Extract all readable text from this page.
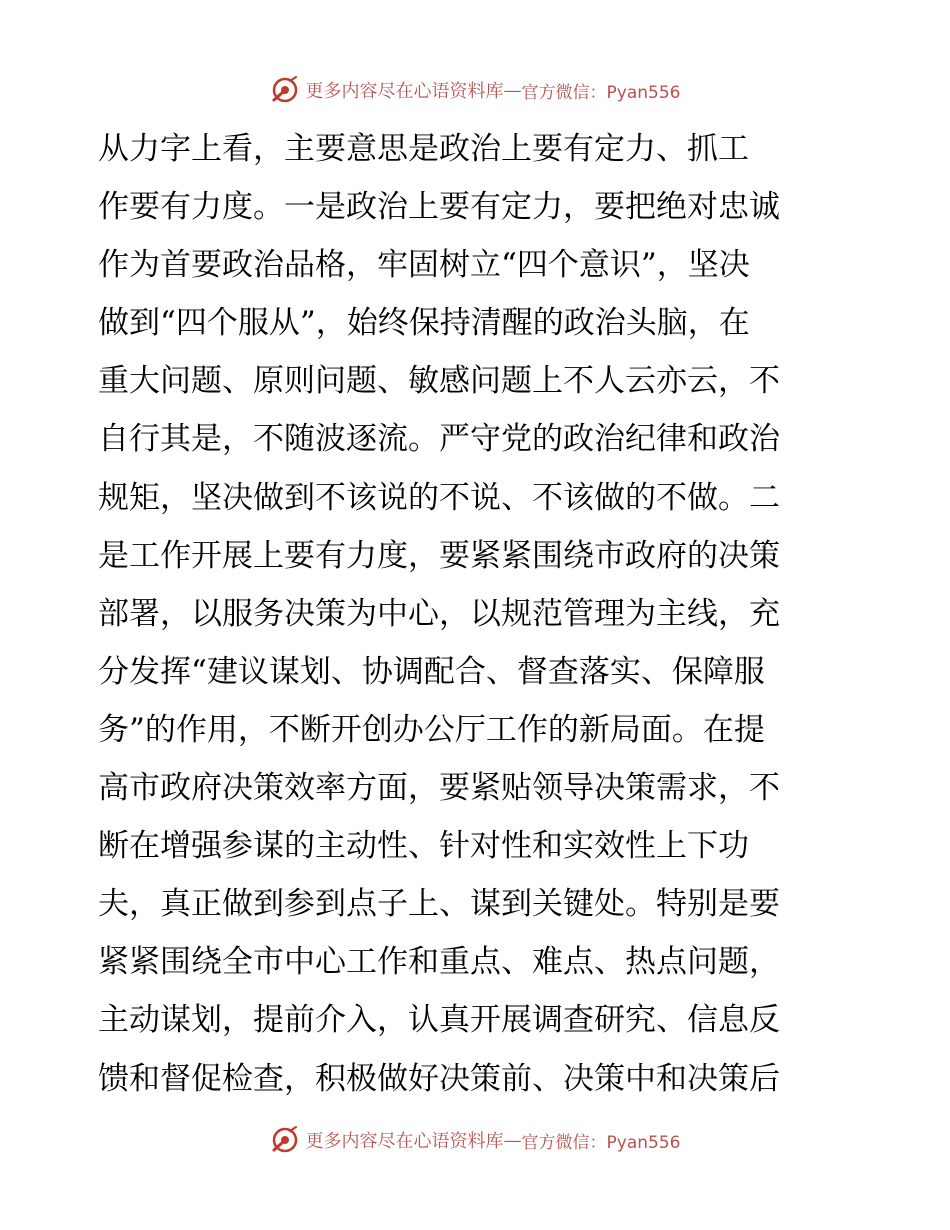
更多内容尽在心语资料库 — 官方微信：Pyan556
从力字上看，主要意思是政治上要有定力、抓工
作要有力度。一是政治上要有定力，要把绝对忠诚
作为首要政治品格，牢固树立“四个意识”，坚决
做到“四个服从”，始终保持清醒的政治头脑，在
重大问题、原则问题、敏感问题上不人云亦云，不
自行其是，不随波逐流。严守党的政治纪律和政治
规矩，坚决做到不该说的不说、不该做的不做。二
是工作开展上要有力度，要紧紧围绕市政府的决策
部署，以服务决策为中心，以规范管理为主线，充
分发挥“建议谋划、协调配合、督查落实、保障服
务”的作用，不断开创办公厅工作的新局面。在提
高市政府决策效率方面，要紧贴领导决策需求，不
断在增强参谋的主动性、针对性和实效性上下功
夫，真正做到参到点子上、谋到关键处。特别是要
紧紧围绕全市中心工作和重点、难点、热点问题，
主动谋划，提前介入，认真开展调查研究、信息反
馈和督促检查，积极做好决策前、决策中和决策后
更多内容尽在心语资料库 — 官方微信：Pyan556
